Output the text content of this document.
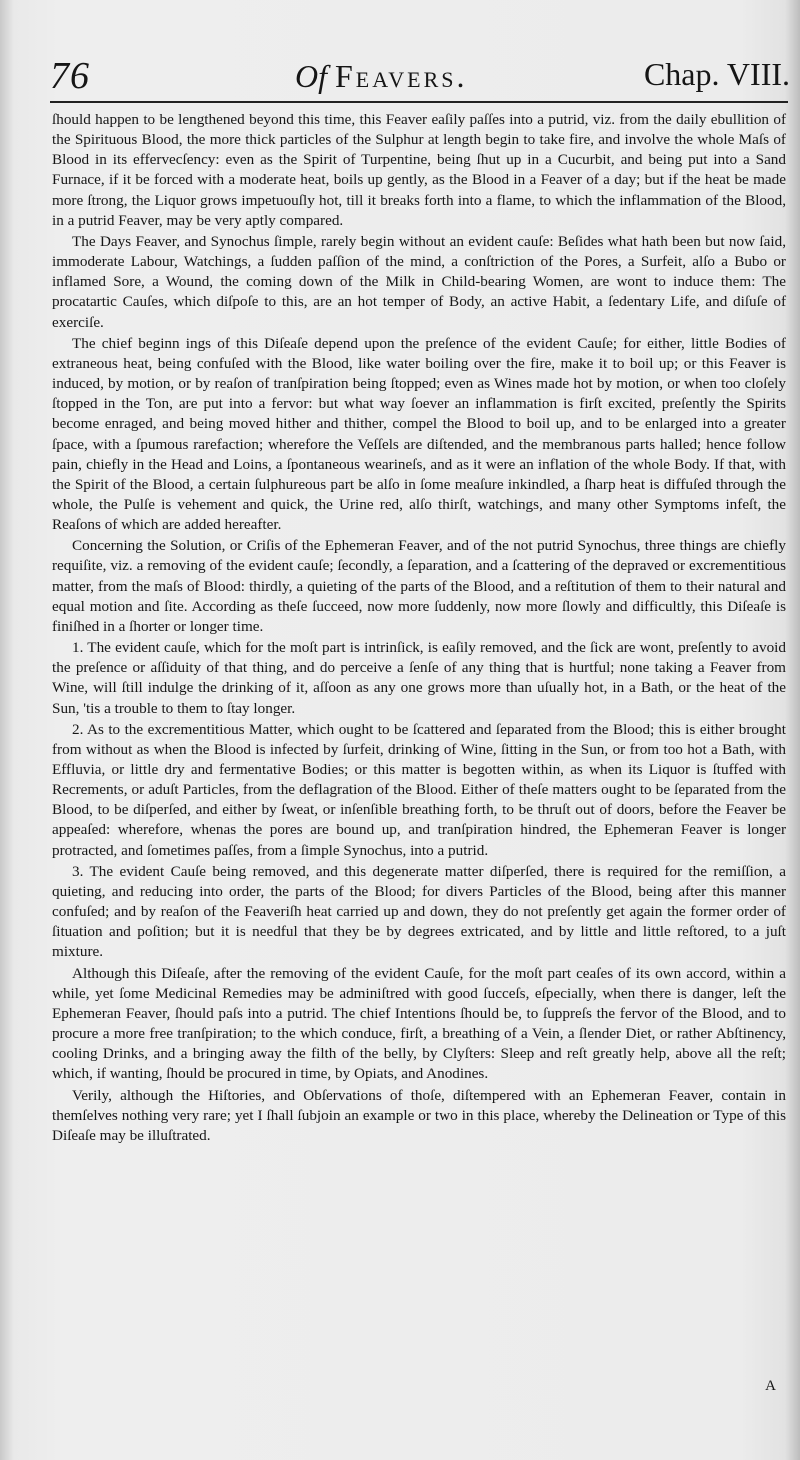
76	Of Feavers.	Chap. VIII.

ſhould happen to be lengthened beyond this time, this Feaver eaſily paſſes into a putrid, viz. from the daily ebullition of the Spirituous Blood, the more thick particles of the Sulphur at length begin to take fire, and involve the whole Maſs of Blood in its effervecſency: even as the Spirit of Turpentine, being ſhut up in a Cucurbit, and being put into a Sand Furnace, if it be forced with a moderate heat, boils up gently, as the Blood in a Feaver of a day; but if the heat be made more ſtrong, the Liquor grows impetuouſly hot, till it breaks forth into a flame, to which the inflammation of the Blood, in a putrid Feaver, may be very aptly compared.

The Days Feaver, and Synochus ſimple, rarely begin without an evident cauſe: Beſides what hath been but now ſaid, immoderate Labour, Watchings, a ſudden paſſion of the mind, a conſtriction of the Pores, a Surfeit, alſo a Bubo or inflamed Sore, a Wound, the coming down of the Milk in Child-bearing Women, are wont to induce them: The procatartic Cauſes, which diſpoſe to this, are an hot temper of Body, an active Habit, a ſedentary Life, and diſuſe of exerciſe.

The chief beginn ings of this Diſeaſe depend upon the preſence of the evident Cauſe; for either, little Bodies of extraneous heat, being confuſed with the Blood, like water boiling over the fire, make it to boil up; or this Feaver is induced, by motion, or by reaſon of tranſpiration being ſtopped; even as Wines made hot by motion, or when too cloſely ſtopped in the Ton, are put into a fervor: but what way ſoever an inflammation is firſt excited, preſently the Spirits become enraged, and being moved hither and thither, compel the Blood to boil up, and to be enlarged into a greater ſpace, with a ſpumous rarefaction; wherefore the Veſſels are diſtended, and the membranous parts halled; hence follow pain, chiefly in the Head and Loins, a ſpontaneous wearineſs, and as it were an inflation of the whole Body. If that, with the Spirit of the Blood, a certain ſulphureous part be alſo in ſome meaſure inkindled, a ſharp heat is diffuſed through the whole, the Pulſe is vehement and quick, the Urine red, alſo thirſt, watchings, and many other Symptoms infeſt, the Reaſons of which are added hereafter.

Concerning the Solution, or Criſis of the Ephemeran Feaver, and of the not putrid Synochus, three things are chiefly requiſite, viz. a removing of the evident cauſe; ſecondly, a ſeparation, and a ſcattering of the depraved or excrementitious matter, from the maſs of Blood: thirdly, a quieting of the parts of the Blood, and a reſtitution of them to their natural and equal motion and ſite. According as theſe ſucceed, now more ſuddenly, now more ſlowly and difficultly, this Diſeaſe is finiſhed in a ſhorter or longer time.

1. The evident cauſe, which for the moſt part is intrinſick, is eaſily removed, and the ſick are wont, preſently to avoid the preſence or aſſiduity of that thing, and do perceive a ſenſe of any thing that is hurtful; none taking a Feaver from Wine, will ſtill indulge the drinking of it, aſſoon as any one grows more than uſually hot, in a Bath, or the heat of the Sun, 'tis a trouble to them to ſtay longer.

2. As to the excrementitious Matter, which ought to be ſcattered and ſeparated from the Blood; this is either brought from without as when the Blood is infected by ſurfeit, drinking of Wine, ſitting in the Sun, or from too hot a Bath, with Effluvia, or little dry and fermentative Bodies; or this matter is begotten within, as when its Liquor is ſtuffed with Recrements, or aduſt Particles, from the deflagration of the Blood. Either of theſe matters ought to be ſeparated from the Blood, to be diſperſed, and either by ſweat, or inſenſible breathing forth, to be thruſt out of doors, before the Feaver be appeaſed: wherefore, whenas the pores are bound up, and tranſpiration hindred, the Ephemeran Feaver is longer protracted, and ſometimes paſſes, from a ſimple Synochus, into a putrid.

3. The evident Cauſe being removed, and this degenerate matter diſperſed, there is required for the remiſſion, a quieting, and reducing into order, the parts of the Blood; for divers Particles of the Blood, being after this manner confuſed; and by reaſon of the Feaveriſh heat carried up and down, they do not preſently get again the former order of ſituation and poſition; but it is needful that they be by degrees extricated, and by little and little reſtored, to a juſt mixture.

Although this Diſeaſe, after the removing of the evident Cauſe, for the moſt part ceaſes of its own accord, within a while, yet ſome Medicinal Remedies may be adminiſtred with good ſucceſs, eſpecially, when there is danger, leſt the Ephemeran Feaver, ſhould paſs into a putrid. The chief Intentions ſhould be, to ſuppreſs the fervor of the Blood, and to procure a more free tranſpiration; to the which conduce, firſt, a breathing of a Vein, a ſlender Diet, or rather Abſtinency, cooling Drinks, and a bringing away the filth of the belly, by Clyſters: Sleep and reſt greatly help, above all the reſt; which, if wanting, ſhould be procured in time, by Opiats, and Anodines.

Verily, although the Hiſtories, and Obſervations of thoſe, diſtempered with an Ephemeran Feaver, contain in themſelves nothing very rare; yet I ſhall ſubjoin an example or two in this place, whereby the Delineation or Type of this Diſeaſe may be illuſtrated.

A
